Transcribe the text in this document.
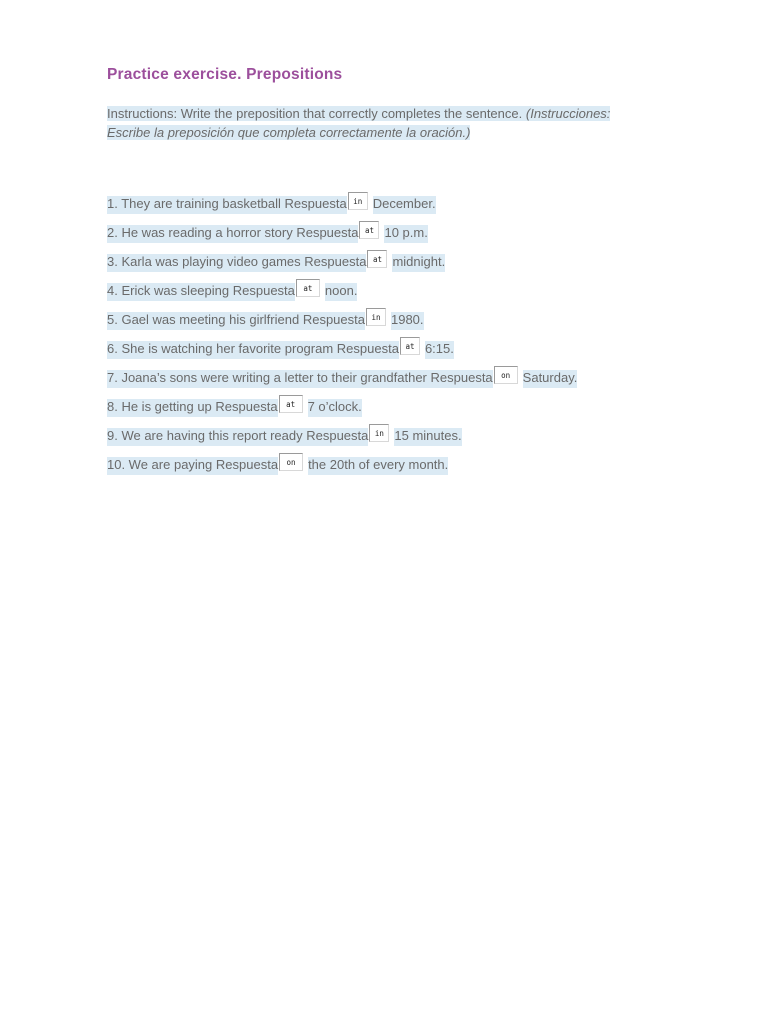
Practice exercise. Prepositions

Instructions: Write the preposition that correctly completes the sentence. (Instrucciones: Escribe la preposición que completa correctamente la oración.)

1. They are training basketball Respuesta
in December.
2. He was reading a horror story Respuesta
at 10 p.m.
3. Karla was playing video games Respuesta
at midnight.
4. Erick was sleeping Respuesta
at noon.
5. Gael was meeting his girlfriend Respuesta
in 1980.
6. She is watching her favorite program Respuesta
at 6:15.
7. Joana’s sons were writing a letter to their grandfather Respuesta
on Saturday.
8. He is getting up Respuesta
at 7 o’clock.
9. We are having this report ready Respuesta
in 15 minutes.
10. We are paying Respuesta
on the 20th of every month.
